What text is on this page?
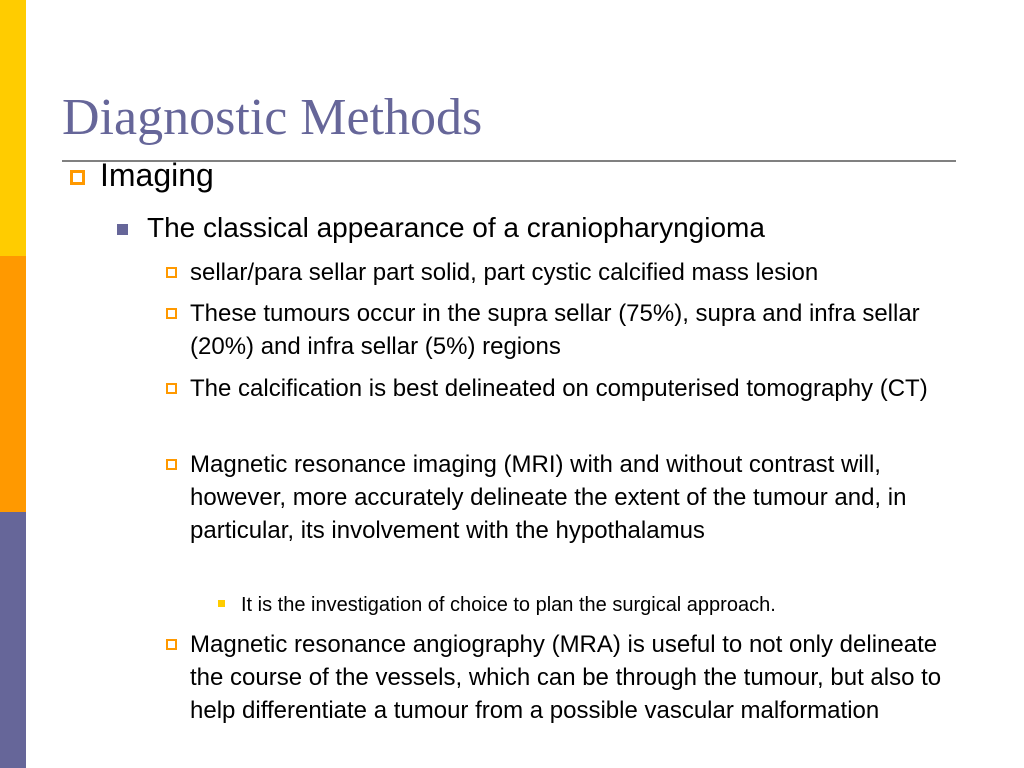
Diagnostic Methods
Imaging
The classical appearance of a craniopharyngioma
sellar/para sellar part solid, part cystic calcified mass lesion
These tumours occur in the supra sellar (75%), supra and infra sellar (20%) and infra sellar (5%) regions
The calcification is best delineated on computerised tomography (CT)
Magnetic resonance imaging (MRI) with and without contrast will, however, more accurately delineate the extent of the tumour and, in particular, its involvement with the hypothalamus
It is the investigation of choice to plan the surgical approach.
Magnetic resonance angiography (MRA) is useful to not only delineate the course of the vessels, which can be through the tumour, but also to help differentiate a tumour from a possible vascular malformation
